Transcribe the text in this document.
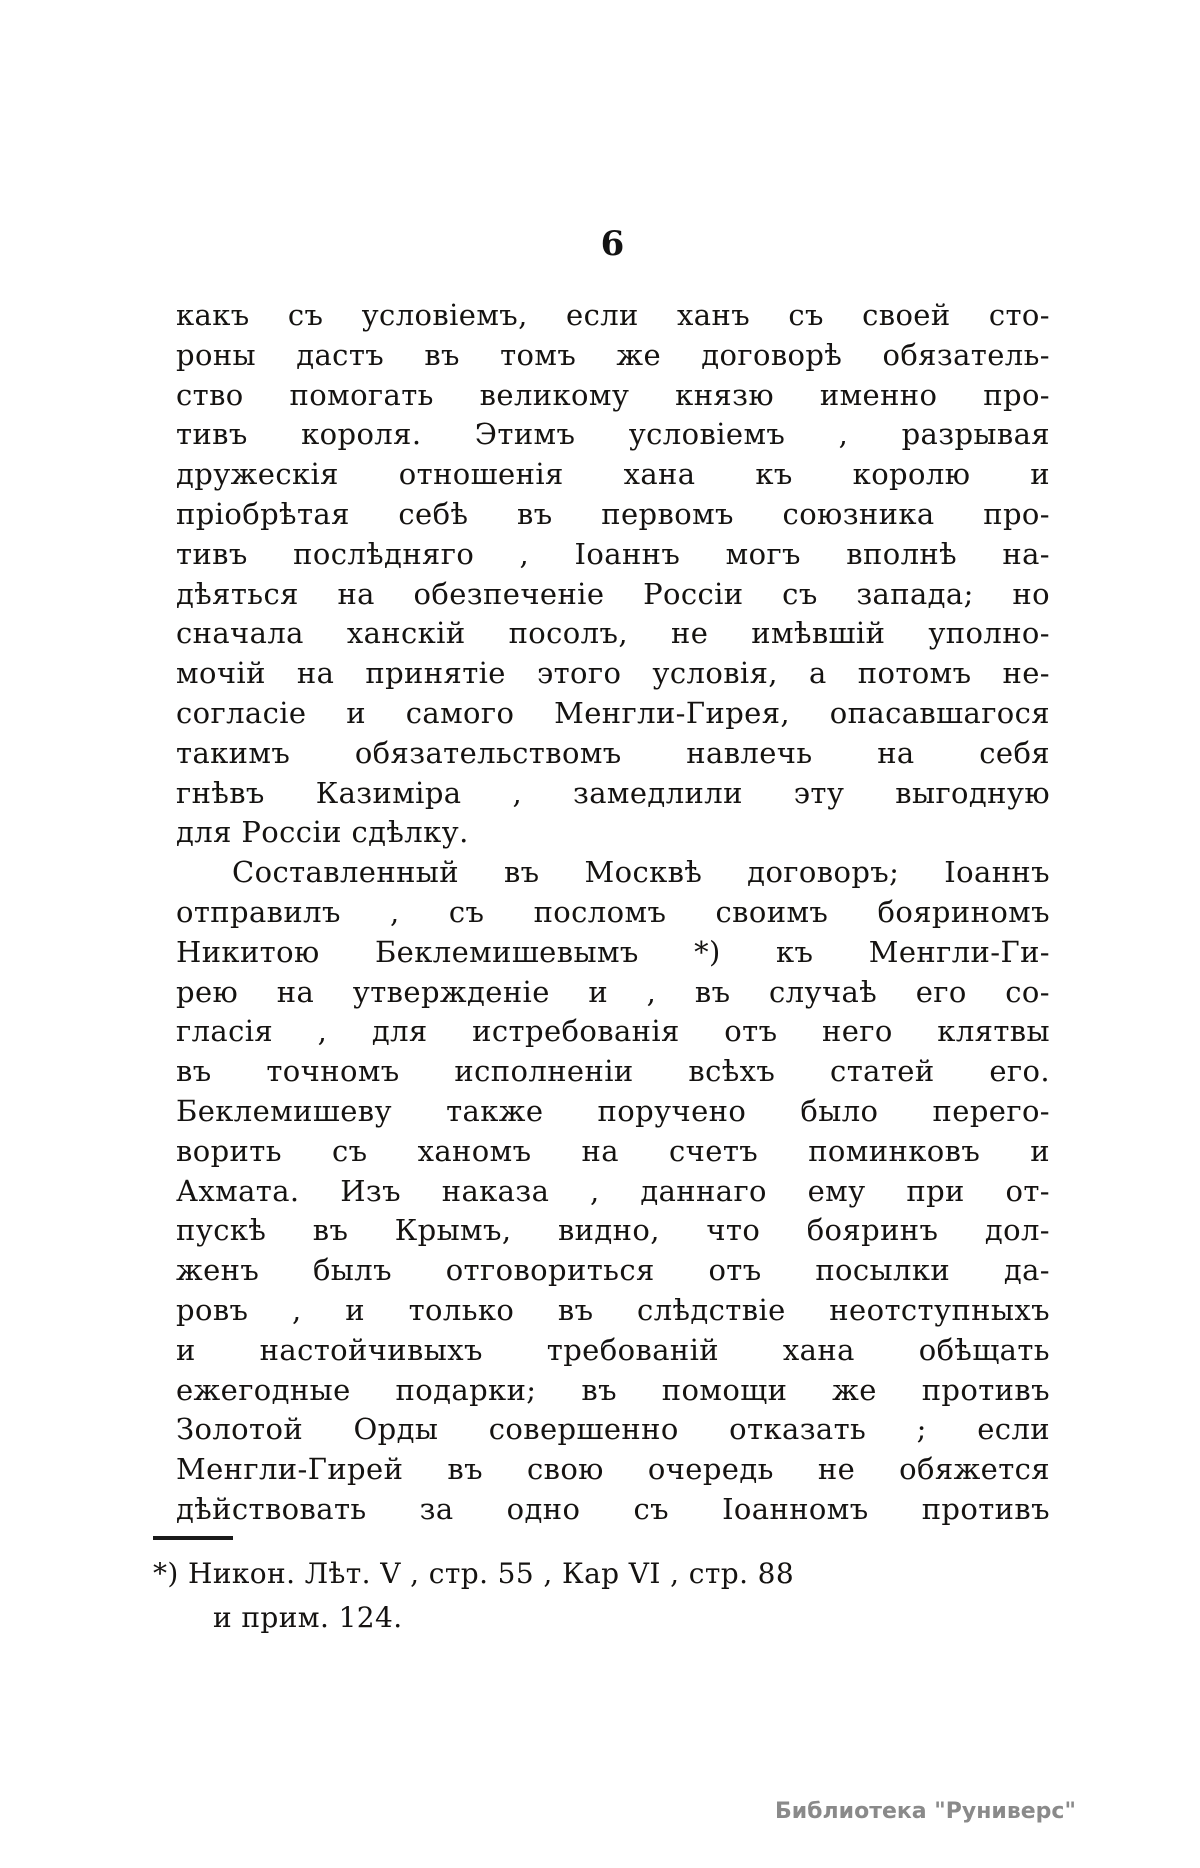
6
какъ съ условіемъ, если ханъ съ своей сто-
роны дастъ въ томъ же договорѣ обязатель-
ство помогать великому князю именно про-
тивъ короля. Этимъ условіемъ , разрывая
дружескія отношенія хана къ королю и
пріобрѣтая себѣ въ первомъ союзника про-
тивъ послѣдняго , Іоаннъ могъ вполнѣ на-
дѣяться на обезпеченіе Россіи съ запада; но
сначала ханскій посолъ, не имѣвшій уполно-
мочій на принятіе этого условія, а потомъ не-
согласіе и самого Менгли-Гирея, опасавшагося
такимъ обязательствомъ навлечь на себя
гнѣвъ Казиміра , замедлили эту выгодную
для Россіи сдѣлку.
Составленный въ Москвѣ договоръ; Іоаннъ
отправилъ , съ посломъ своимъ бояриномъ
Никитою Беклемишевымъ *) къ Менгли-Ги-
рею на утвержденіе и , въ случаѣ его со-
гласія , для истребованія отъ него клятвы
въ точномъ исполненіи всѣхъ статей его.
Беклемишеву также поручено было перего-
ворить съ ханомъ на счетъ поминковъ и
Ахмата. Изъ наказа , даннаго ему при от-
пускѣ въ Крымъ, видно, что бояринъ дол-
женъ былъ отговориться отъ посылки да-
ровъ , и только въ слѣдствіе неотступныхъ
и настойчивыхъ требованій хана обѣщать
ежегодные подарки; въ помощи же противъ
Золотой Орды совершенно отказать ; если
Менгли-Гирей въ свою очередь не обяжется
дѣйствовать за одно съ Іоанномъ противъ
*) Никон. Лѣт. V , стр. 55 , Кар VI , стр. 88
и прим. 124.
Библиотека "Руниверс"
